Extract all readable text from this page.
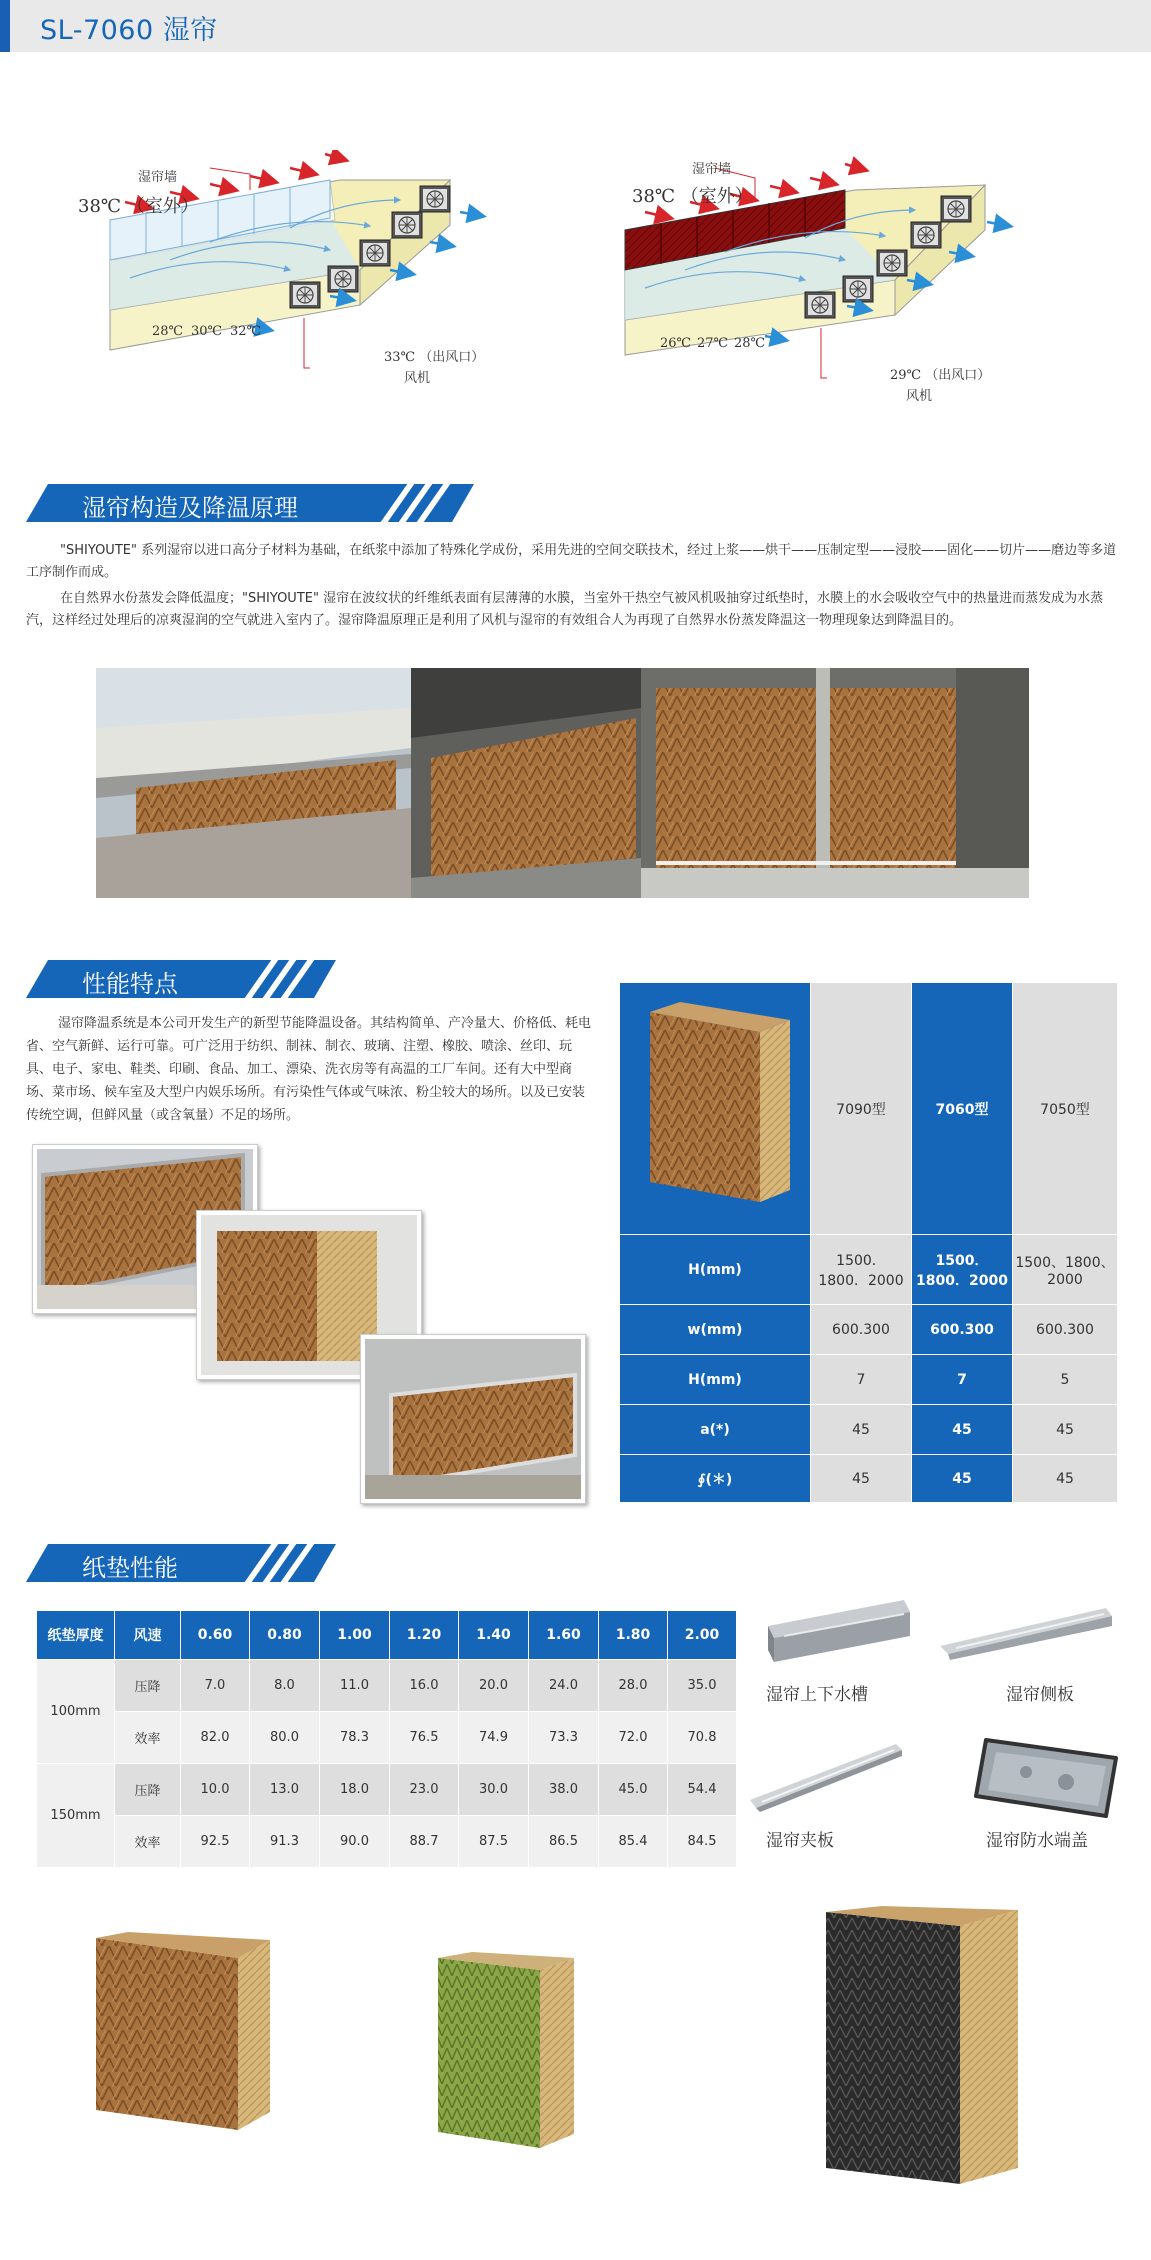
SL-7060 湿帘
湿帘墙
38℃ （室外）
28℃ 30℃ 32℃
33℃ （出风口）
风机
湿帘墙
38℃ （室外）
26℃ 27℃ 28℃
29℃ （出风口）
风机
湿帘构造及降温原理
"SHIYOUTE" 系列湿帘以进口高分子材料为基础，在纸浆中添加了特殊化学成份，采用先进的空间交联技术，经过上浆——烘干——压制定型——浸胶——固化——切片——磨边等多道工序制作而成。
在自然界水份蒸发会降低温度；"SHIYOUTE" 湿帘在波纹状的纤维纸表面有层薄薄的水膜，当室外干热空气被风机吸抽穿过纸垫时，水膜上的水会吸收空气中的热量进而蒸发成为水蒸汽，这样经过处理后的凉爽湿润的空气就进入室内了。湿帘降温原理正是利用了风机与湿帘的有效组合人为再现了自然界水份蒸发降温这一物理现象达到降温目的。
性能特点
湿帘降温系统是本公司开发生产的新型节能降温设备。其结构简单、产冷量大、价格低、耗电省、空气新鲜、运行可靠。可广泛用于纺织、制袜、制衣、玻璃、注塑、橡胶、喷涂、丝印、玩具、电子、家电、鞋类、印刷、食品、加工、漂染、洗衣房等有高温的工厂车间。还有大中型商场、菜市场、候车室及大型户内娱乐场所。有污染性气体或气味浓、粉尘较大的场所。以及已安装传统空调，但鲜风量（或含氧量）不足的场所。
		7090型	7060型	7050型
H(mm)	1500．1800．2000	1500．1800．2000	1500、1800、2000
w(mm)	600.300	600.300	600.300
H(mm)	7	7	5
a(*)	45	45	45
∮(＊)	45	45	45
纸垫性能
纸垫厚度	风速	0.60	0.80	1.00	1.20	1.40	1.60	1.80	2.00
100mm	压降	7.0	8.0	11.0	16.0	20.0	24.0	28.0	35.0
	效率	82.0	80.0	78.3	76.5	74.9	73.3	72.0	70.8
150mm	压降	10.0	13.0	18.0	23.0	30.0	38.0	45.0	54.4
	效率	92.5	91.3	90.0	88.7	87.5	86.5	85.4	84.5
湿帘上下水槽	湿帘侧板
湿帘夹板	湿帘防水端盖
